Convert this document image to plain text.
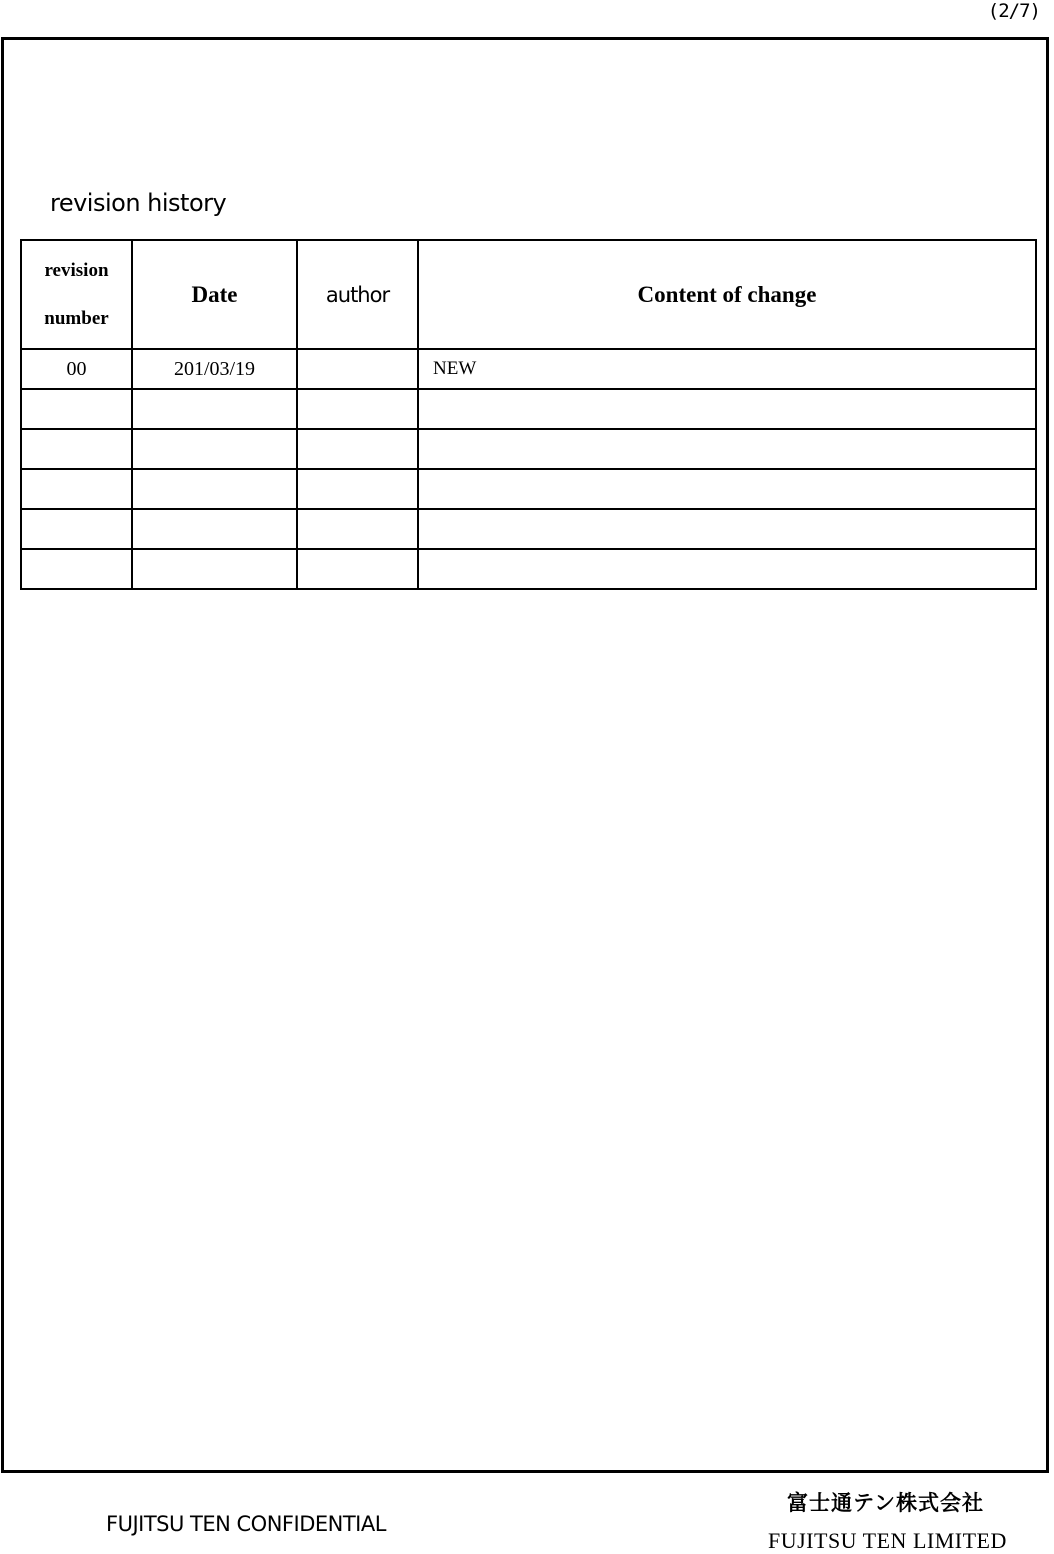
(2/7)
revision history
revision
number	Date	author	Content of change
00	201/03/19		NEW

FUJITSU TEN CONFIDENTIAL
富士通テン株式会社
FUJITSU TEN LIMITED
